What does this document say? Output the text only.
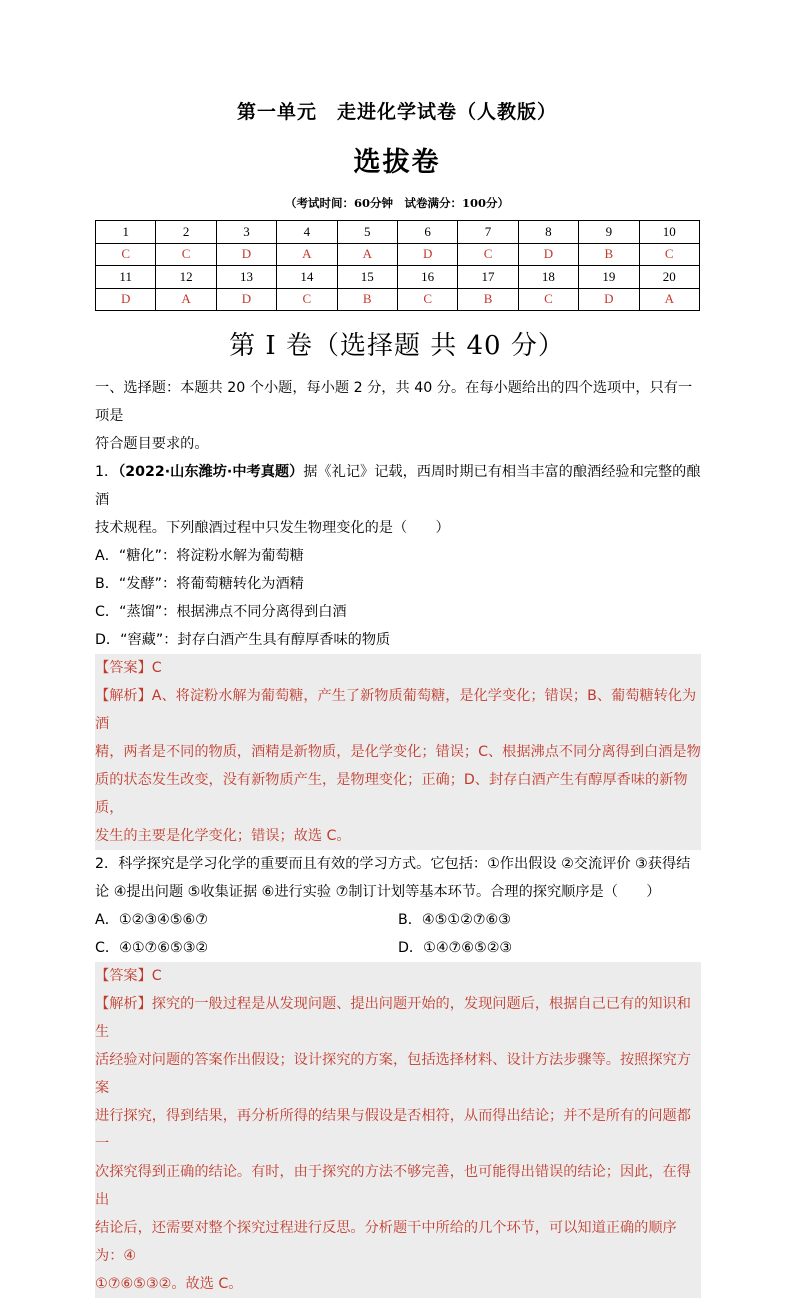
第一单元　走进化学试卷（人教版）
选拔卷
（考试时间：60分钟　试卷满分：100分）
1	2	3	4	5	6	7	8	9	10
C	C	D	A	A	D	C	D	B	C
11	12	13	14	15	16	17	18	19	20
D	A	D	C	B	C	B	C	D	A
第 I 卷（选择题 共 40 分）

一、选择题：本题共 20 个小题，每小题 2 分，共 40 分。在每小题给出的四个选项中，只有一项是

符合题目要求的。

1．（2022·山东潍坊·中考真题）据《礼记》记载，西周时期已有相当丰富的酿酒经验和完整的酿酒

技术规程。下列酿酒过程中只发生物理变化的是（　　）

A．“糖化”：将淀粉水解为葡萄糖

B．“发酵”：将葡萄糖转化为酒精

C．“蒸馏”：根据沸点不同分离得到白酒

D．“窖藏”：封存白酒产生具有醇厚香味的物质

【答案】C

【解析】A、将淀粉水解为葡萄糖，产生了新物质葡萄糖，是化学变化；错误；B、葡萄糖转化为酒

精，两者是不同的物质，酒精是新物质，是化学变化；错误；C、根据沸点不同分离得到白酒是物

质的状态发生改变，没有新物质产生，是物理变化；正确；D、封存白酒产生有醇厚香味的新物质，

发生的主要是化学变化；错误；故选 C。

2．科学探究是学习化学的重要而且有效的学习方式。它包括：①作出假设 ②交流评价 ③获得结

论 ④提出问题 ⑤收集证据 ⑥进行实验 ⑦制订计划等基本环节。合理的探究顺序是（　　）

A．①②③④⑤⑥⑦	B．④⑤①②⑦⑥③
C．④①⑦⑥⑤③②	D．①④⑦⑥⑤②③

【答案】C

【解析】探究的一般过程是从发现问题、提出问题开始的，发现问题后，根据自己已有的知识和生

活经验对问题的答案作出假设；设计探究的方案，包括选择材料、设计方法步骤等。按照探究方案

进行探究，得到结果，再分析所得的结果与假设是否相符，从而得出结论；并不是所有的问题都一

次探究得到正确的结论。有时，由于探究的方法不够完善，也可能得出错误的结论；因此，在得出

结论后，还需要对整个探究过程进行反思。分析题干中所给的几个环节，可以知道正确的顺序为：④

①⑦⑥⑤③②。故选 C。
